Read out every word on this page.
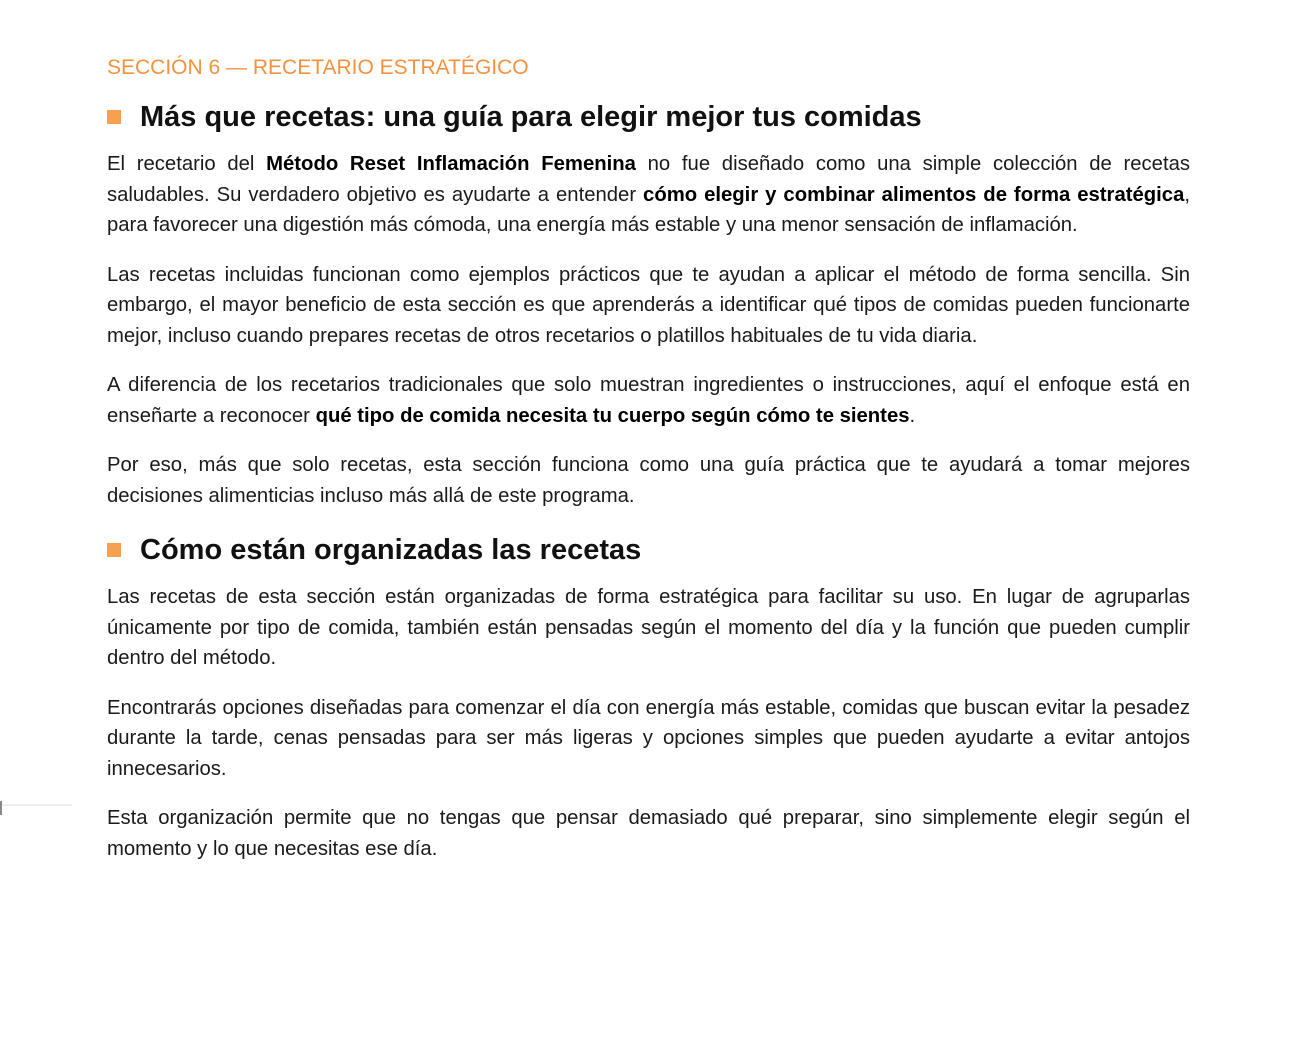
SECCIÓN 6 — RECETARIO ESTRATÉGICO
Más que recetas: una guía para elegir mejor tus comidas

El recetario del Método Reset Inflamación Femenina no fue diseñado como una simple colección de recetas saludables. Su verdadero objetivo es ayudarte a entender cómo elegir y combinar alimentos de forma estratégica, para favorecer una digestión más cómoda, una energía más estable y una menor sensación de inflamación.

Las recetas incluidas funcionan como ejemplos prácticos que te ayudan a aplicar el método de forma sencilla. Sin embargo, el mayor beneficio de esta sección es que aprenderás a identificar qué tipos de comidas pueden funcionarte mejor, incluso cuando prepares recetas de otros recetarios o platillos habituales de tu vida diaria.

A diferencia de los recetarios tradicionales que solo muestran ingredientes o instrucciones, aquí el enfoque está en enseñarte a reconocer qué tipo de comida necesita tu cuerpo según cómo te sientes.

Por eso, más que solo recetas, esta sección funciona como una guía práctica que te ayudará a tomar mejores decisiones alimenticias incluso más allá de este programa.

Cómo están organizadas las recetas

Las recetas de esta sección están organizadas de forma estratégica para facilitar su uso. En lugar de agruparlas únicamente por tipo de comida, también están pensadas según el momento del día y la función que pueden cumplir dentro del método.

Encontrarás opciones diseñadas para comenzar el día con energía más estable, comidas que buscan evitar la pesadez durante la tarde, cenas pensadas para ser más ligeras y opciones simples que pueden ayudarte a evitar antojos innecesarios.

Esta organización permite que no tengas que pensar demasiado qué preparar, sino simplemente elegir según el momento y lo que necesitas ese día.
